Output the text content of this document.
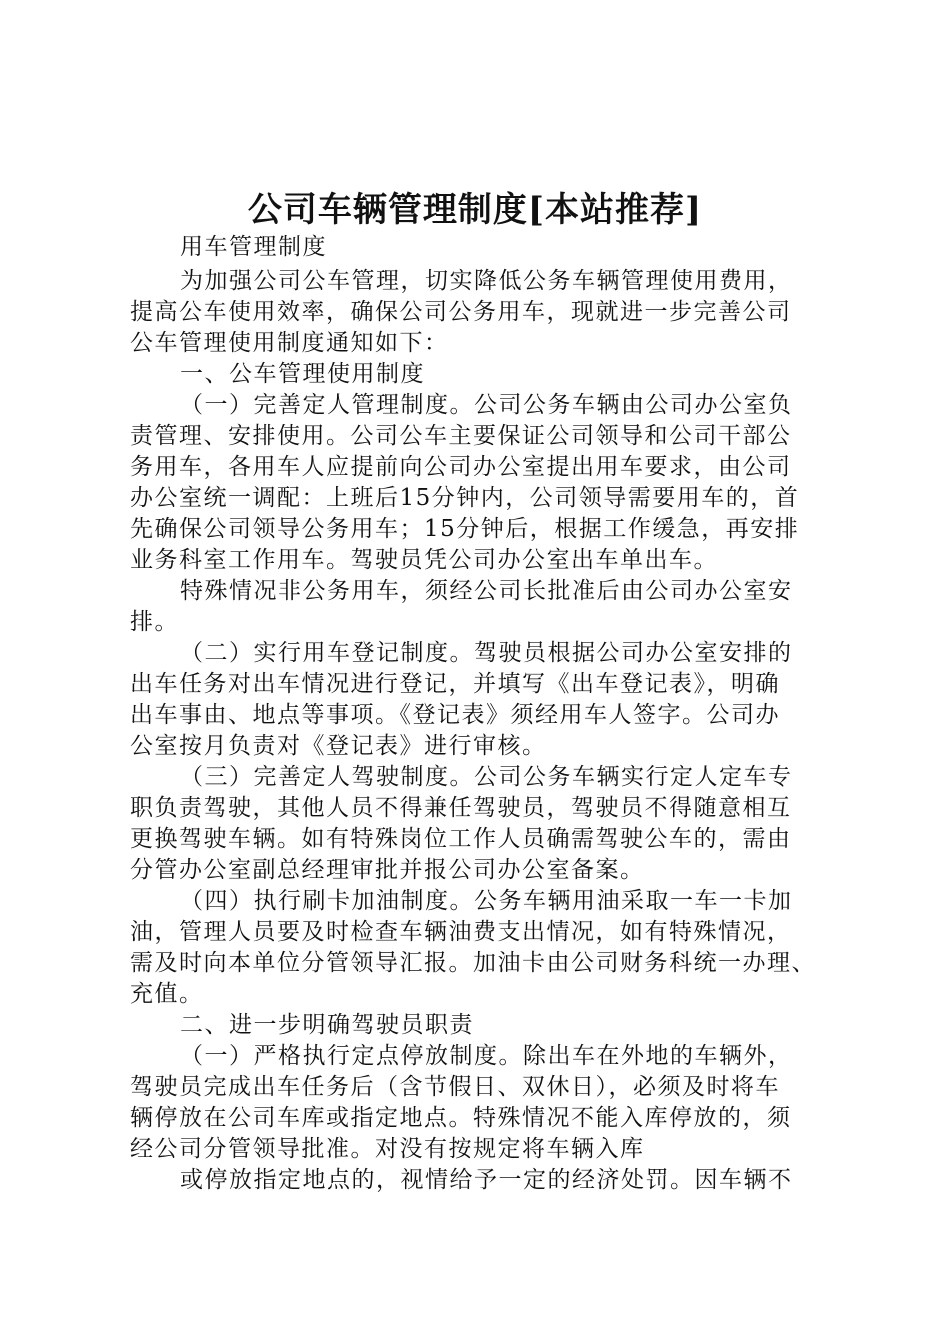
公司车辆管理制度[本站推荐]
用车管理制度
为加强公司公车管理，切实降低公务车辆管理使用费用，
提高公车使用效率，确保公司公务用车，现就进一步完善公司
公车管理使用制度通知如下：
一、公车管理使用制度
（一）完善定人管理制度。公司公务车辆由公司办公室负
责管理、安排使用。公司公车主要保证公司领导和公司干部公
务用车，各用车人应提前向公司办公室提出用车要求，由公司
办公室统一调配：上班后15分钟内，公司领导需要用车的，首
先确保公司领导公务用车；15分钟后，根据工作缓急，再安排
业务科室工作用车。驾驶员凭公司办公室出车单出车。
特殊情况非公务用车，须经公司长批准后由公司办公室安
排。
（二）实行用车登记制度。驾驶员根据公司办公室安排的
出车任务对出车情况进行登记，并填写《出车登记表》，明确
出车事由、地点等事项。《登记表》须经用车人签字。公司办
公室按月负责对《登记表》进行审核。
（三）完善定人驾驶制度。公司公务车辆实行定人定车专
职负责驾驶，其他人员不得兼任驾驶员，驾驶员不得随意相互
更换驾驶车辆。如有特殊岗位工作人员确需驾驶公车的，需由
分管办公室副总经理审批并报公司办公室备案。
（四）执行刷卡加油制度。公务车辆用油采取一车一卡加
油，管理人员要及时检查车辆油费支出情况，如有特殊情况，
需及时向本单位分管领导汇报。加油卡由公司财务科统一办理、
充值。
二、进一步明确驾驶员职责
（一）严格执行定点停放制度。除出车在外地的车辆外，
驾驶员完成出车任务后（含节假日、双休日），必须及时将车
辆停放在公司车库或指定地点。特殊情况不能入库停放的，须
经公司分管领导批准。对没有按规定将车辆入库
或停放指定地点的，视情给予一定的经济处罚。因车辆不
